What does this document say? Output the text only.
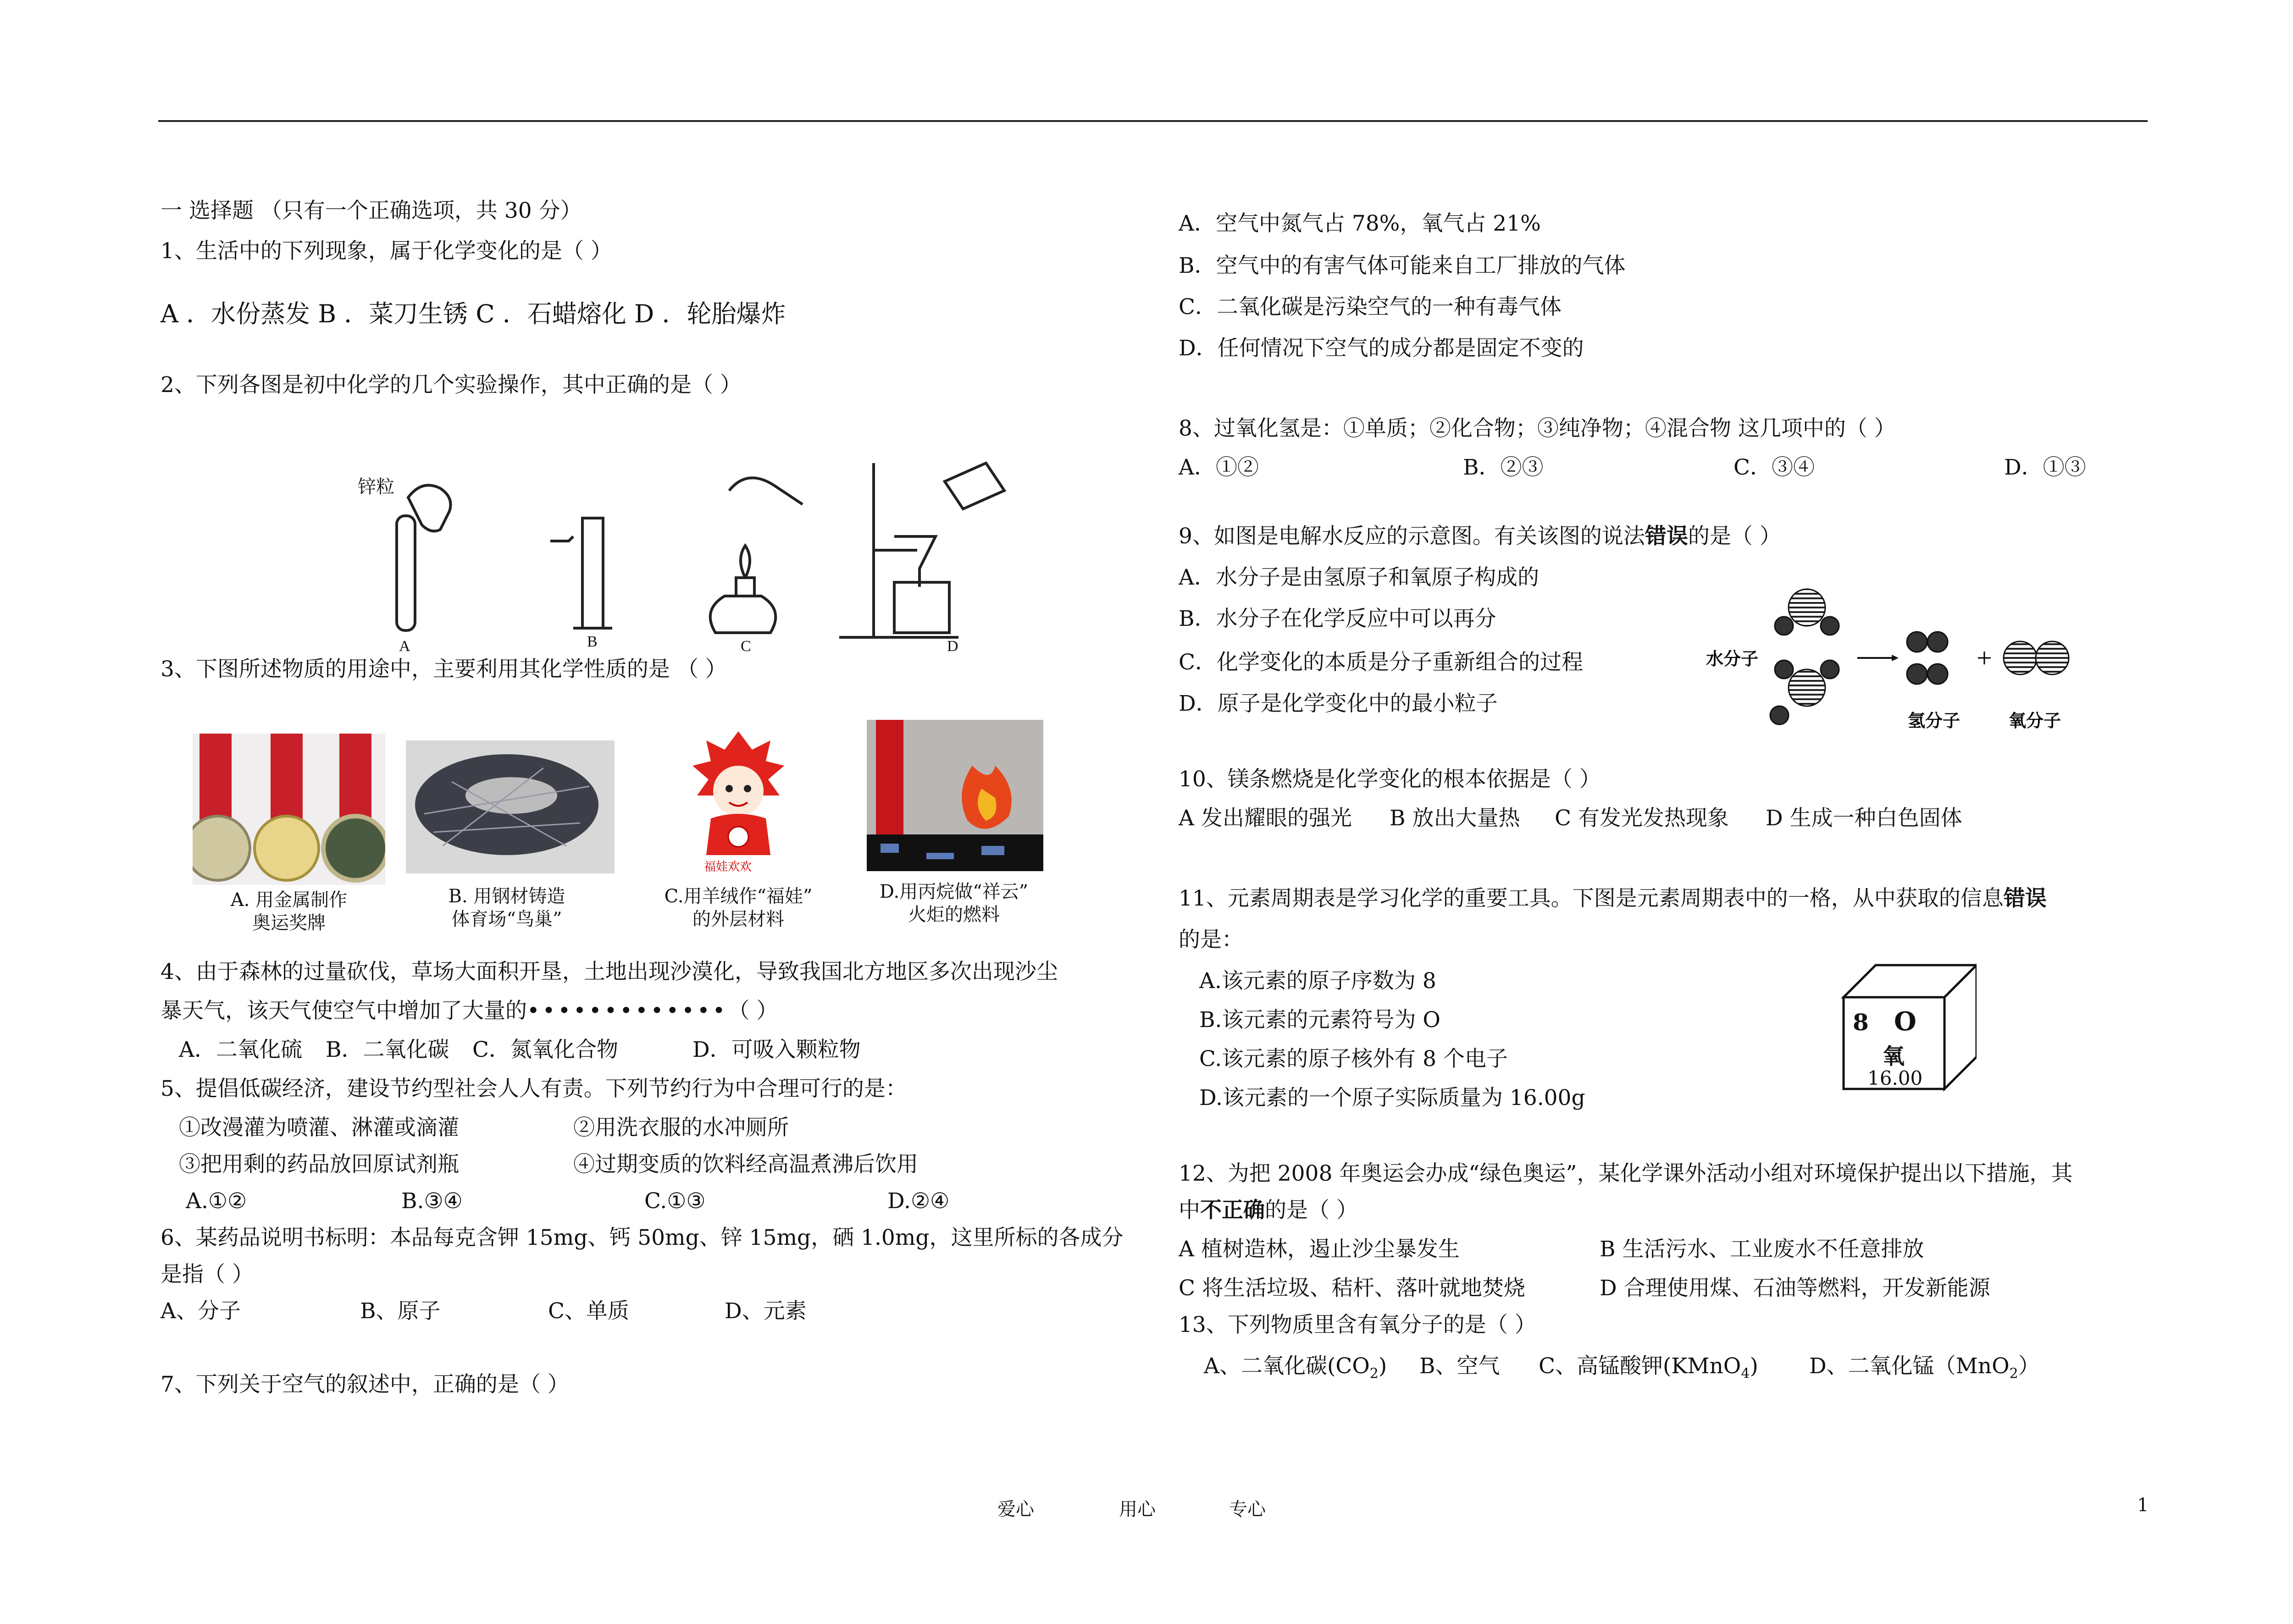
一 选择题 （只有一个正确选项，共 30 分）
1、生活中的下列现象，属于化学变化的是（ ）
A ．水份蒸发 B ．菜刀生锈 C ．石蜡熔化 D ．轮胎爆炸
2、下列各图是初中化学的几个实验操作，其中正确的是（ ）
锌粒
A	B	C	D
3、下图所述物质的用途中，主要利用其化学性质的是 （ ）
福娃欢欢
A. 用金属制作
奥运奖牌
B. 用钢材铸造
体育场“鸟巢”
C.用羊绒作“福娃”
的外层材料
D.用丙烷做“祥云”
火炬的燃料
4、由于森林的过量砍伐，草场大面积开垦，土地出现沙漠化，导致我国北方地区多次出现沙尘
暴天气，该天气使空气中增加了大量的•••••••••••••（ ）
A．二氧化硫 B．二氧化碳 C．氮氧化合物	D．可吸入颗粒物
5、提倡低碳经济，建设节约型社会人人有责。下列节约行为中合理可行的是：
①改漫灌为喷灌、淋灌或滴灌	②用洗衣服的水冲厕所
③把用剩的药品放回原试剂瓶	④过期变质的饮料经高温煮沸后饮用
A.①②	B.③④	C.①③	D.②④
6、某药品说明书标明：本品每克含钾 15mg、钙 50mg、锌 15mg，硒 1.0mg，这里所标的各成分
是指（ ）
A、分子	B、原子	C、单质	D、元素
7、下列关于空气的叙述中，正确的是（ ）
A．空气中氮气占 78%，氧气占 21%
B．空气中的有害气体可能来自工厂排放的气体
C．二氧化碳是污染空气的一种有毒气体
D．任何情况下空气的成分都是固定不变的
8、过氧化氢是：①单质；②化合物；③纯净物；④混合物 这几项中的（ ）
A．①②	B．②③	C．③④	D．①③
9、如图是电解水反应的示意图。有关该图的说法错误的是（ ）
A．水分子是由氢原子和氧原子构成的
B．水分子在化学反应中可以再分
C．化学变化的本质是分子重新组合的过程
D．原子是化学变化中的最小粒子
+
水分子
氢分子	氧分子
10、镁条燃烧是化学变化的根本依据是（ ）
A 发出耀眼的强光 B 放出大量热 C 有发光发热现象 D 生成一种白色固体
11、元素周期表是学习化学的重要工具。下图是元素周期表中的一格，从中获取的信息错误
的是：
A.该元素的原子序数为 8
B.该元素的元素符号为 O
C.该元素的原子核外有 8 个电子
D.该元素的一个原子实际质量为 16.00g
8 O
氧
16.00
12、为把 2008 年奥运会办成“绿色奥运”，某化学课外活动小组对环境保护提出以下措施，其
中不正确的是（ ）
A 植树造林，遏止沙尘暴发生	B 生活污水、工业废水不任意排放
C 将生活垃圾、秸杆、落叶就地焚烧	D 合理使用煤、石油等燃料，开发新能源
13、下列物质里含有氧分子的是（ ）
A、二氧化碳$(CO_2)$ B、空气 C、高锰酸钾(KMnO$_4$) D、二氧化锰（MnO$_2$）
爱心	用心	专心	1
